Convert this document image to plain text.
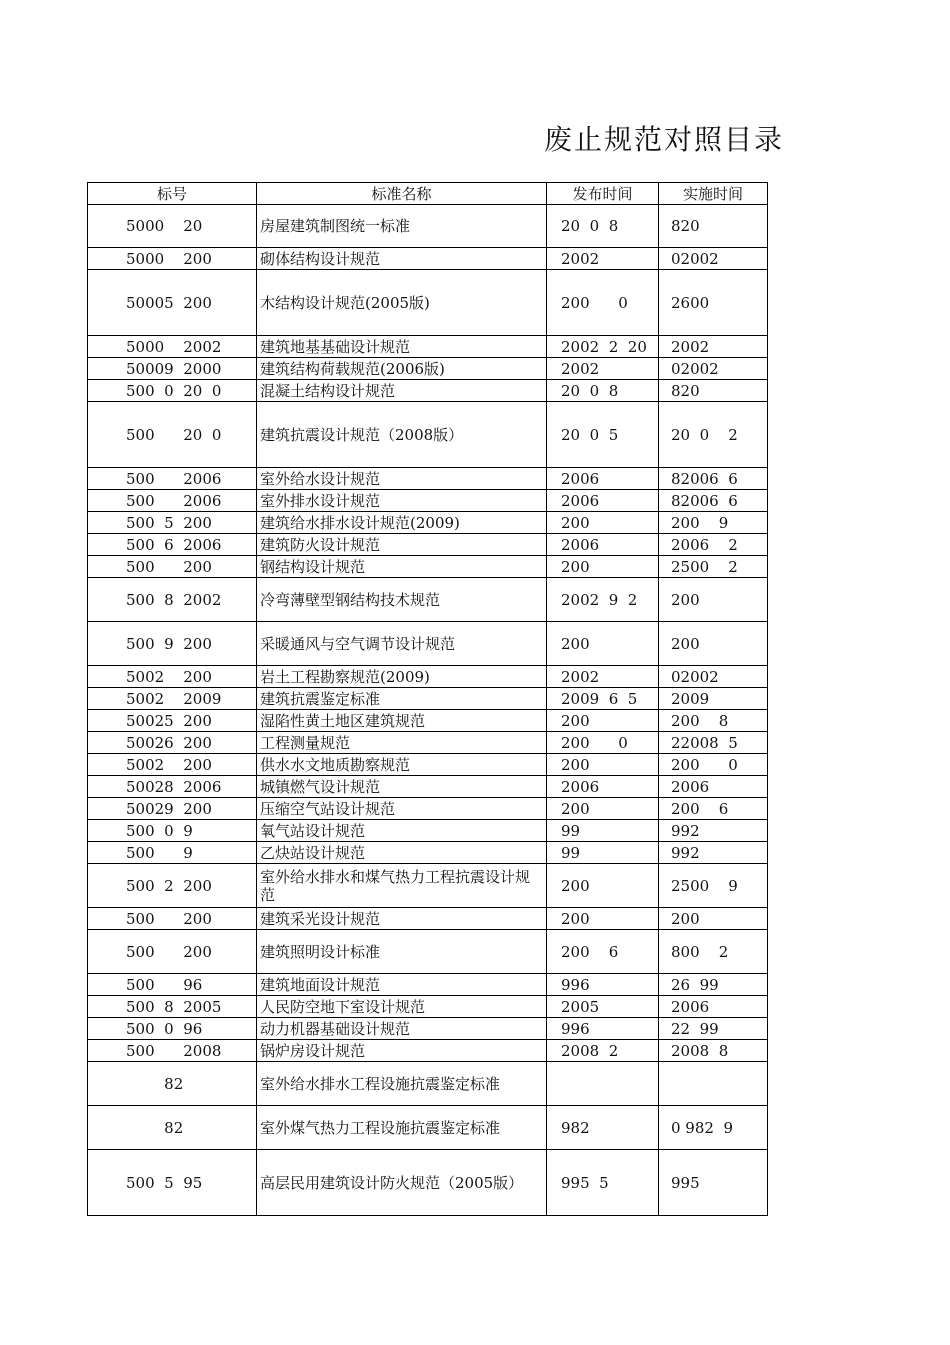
废止规范对照目录
标号	标准名称	发布时间	实施时间
5000    20	房屋建筑制图统一标准	20  0  8	820
5000    200	砌体结构设计规范	2002	02002
50005  200	木结构设计规范(2005版)	200      0	2600
5000    2002	建筑地基基础设计规范	2002  2  20	2002
50009  2000	建筑结构荷载规范(2006版)	2002	02002
500  0  20  0	混凝土结构设计规范	20  0  8	820
500      20  0	建筑抗震设计规范（2008版）	20  0  5	20  0    2
500      2006	室外给水设计规范	2006	82006  6
500      2006	室外排水设计规范	2006	82006  6
500  5  200	建筑给水排水设计规范(2009)	200	200    9
500  6  2006	建筑防火设计规范	2006	2006    2
500      200	钢结构设计规范	200	2500    2
500  8  2002	冷弯薄壁型钢结构技术规范	2002  9  2	200
500  9  200	采暖通风与空气调节设计规范	200	200
5002    200	岩土工程勘察规范(2009)	2002	02002
5002    2009	建筑抗震鉴定标准	2009  6  5	2009
50025  200	湿陷性黄土地区建筑规范	200	200    8
50026  200	工程测量规范	200      0	22008  5
5002    200	供水水文地质勘察规范	200	200      0
50028  2006	城镇燃气设计规范	2006	2006
50029  200	压缩空气站设计规范	200	200    6
500  0  9	氧气站设计规范	99	992
500      9	乙炔站设计规范	99	992
500  2  200	室外给水排水和煤气热力工程抗震设计规范	200	2500    9
500      200	建筑采光设计规范	200	200
500      200	建筑照明设计标准	200    6	800    2
500      96	建筑地面设计规范	996	26  99
500  8  2005	人民防空地下室设计规范	2005	2006
500  0  96	动力机器基础设计规范	996	22  99
500      2008	锅炉房设计规范	2008  2	2008  8
82	室外给水排水工程设施抗震鉴定标准		
82	室外煤气热力工程设施抗震鉴定标准	982	0 982  9
500  5  95	高层民用建筑设计防火规范（2005版）	995  5	995
